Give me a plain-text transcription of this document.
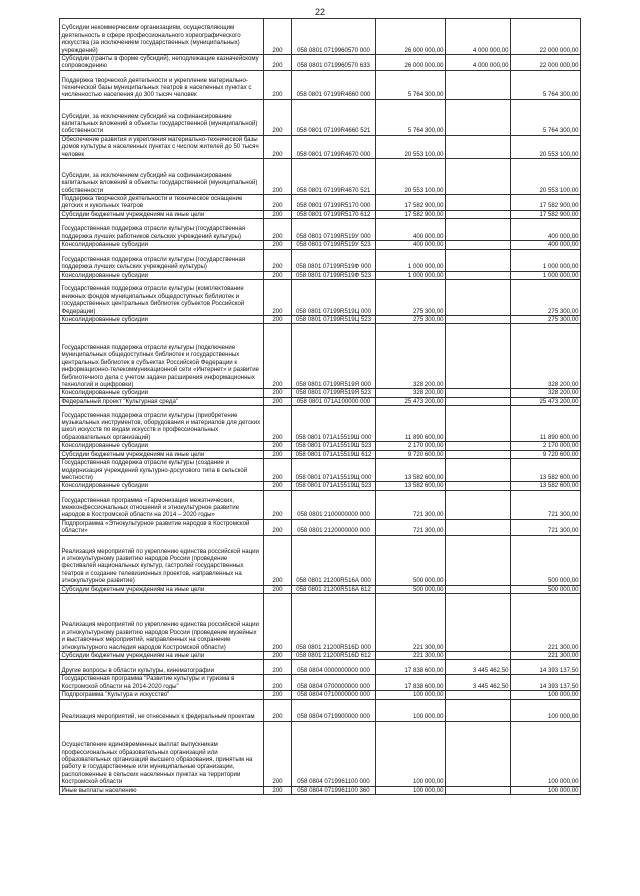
22
Субсидии некоммерческим организациям, осуществляющим деятельность в сфере профессионального хореографического искусства (за исключением государственных (муниципальных) учреждений)	200	058 0801 0719960570 000	26 000 000,00	4 000 000,00	22 000 000,00
Субсидии (гранты в форме субсидий), неподлежащие казначейскому сопровождению	200	058 0801 0719960570 633	26 000 000,00	4 000 000,00	22 000 000,00
Поддержка творческой деятельности и укрепление материально-технической базы муниципальных театров в населенных пунктах с численностью населения до 300 тысяч человек	200	058 0801 07199R4660 000	5 764 300,00		5 764 300,00
Субсидии, за исключением субсидий на софинансирование капитальных вложений в объекты государственной (муниципальной) собственности	200	058 0801 07199R4660 521	5 764 300,00		5 764 300,00
Обеспечение развития и укрепления материально-технической базы домов культуры в населенных пунктах с числом жителей до 50 тысяч человек	200	058 0801 07199R4670 000	20 553 100,00		20 553 100,00
Субсидии, за исключением субсидий на софинансирование капитальных вложений в объекты государственной (муниципальной) собственности	200	058 0801 07199R4670 521	20 553 100,00		20 553 100,00
Поддержка творческой деятельности и техническое оснащение детских и кукольных театров	200	058 0801 07199R5170 000	17 582 900,00		17 582 900,00
Субсидии бюджетным учреждениям на иные цели	200	058 0801 07199R5170 612	17 582 900,00		17 582 900,00
Государственная поддержка отрасли культуры (государственная поддержка лучших работников сельских учреждений культуры)	200	058 0801 07199R519У 000	400 000,00		400 000,00
Консолидированные субсидии	200	058 0801 07199R519У 523	400 000,00		400 000,00
Государственная поддержка отрасли культуры (государственная поддержка лучших сельских учреждений культуры)	200	058 0801 07199R519Ф 000	1 000 000,00		1 000 000,00
Консолидированные субсидии	200	058 0801 07199R519Ф 523	1 000 000,00		1 000 000,00
Государственная поддержка отрасли культуры (комплектование книжных фондов муниципальных общедоступных библиотек и государственных центральных библиотек субъектов Российской Федерации)	200	058 0801 07199R519Ц 000	275 300,00		275 300,00
Консолидированные субсидии	200	058 0801 07199R519Ц 523	275 300,00		275 300,00
Государственная поддержка отрасли культуры (подключение муниципальных общедоступных библиотек и государственных центральных библиотек в субъектах Российской Федерации к информационно-телекоммуникационной сети «Интернет» и развитие библиотечного дела с учетом задачи расширения информационных технологий и оцифровки)	200	058 0801 07199R519Я 000	328 200,00		328 200,00
Консолидированные субсидии	200	058 0801 07199R519Я 523	328 200,00		328 200,00
Федеральный проект "Культурная среда"	200	058 0801 071A100000 000	25 473 200,00		25 473 200,00
Государственная поддержка отрасли культуры (приобретение музыкальных инструментов, оборудования и материалов для детских школ искусств по видам искусств и профессиональных образовательных организаций)	200	058 0801 071A15519Ш 000	11 890 600,00		11 890 600,00
Консолидированные субсидии	200	058 0801 071A15519Ш 523	2 170 000,00		2 170 000,00
Субсидии бюджетным учреждениям на иные цели	200	058 0801 071A15519Ш 612	9 720 600,00		9 720 600,00
Государственная поддержка отрасли культуры (создание и модернизация учреждений культурно-досугового типа в сельской местности)	200	058 0801 071A15519Щ 000	13 582 600,00		13 582 600,00
Консолидированные субсидии	200	058 0801 071A15519Щ 523	13 582 600,00		13 582 600,00
Государственная программа «Гармонизация межэтнических, межконфессиональных отношений и этнокультурное развитие народов в Костромской области на 2014 – 2020 годы»	200	058 0801 2100000000 000	721 300,00		721 300,00
Подпрограмма «Этнокультурное развитие народов в Костромской области»	200	058 0801 2120000000 000	721 300,00		721 300,00
Реализация мероприятий по укреплению единства российской нации и этнокультурному развитию народов России (проведение фестивалей национальных культур, гастролей государственных театров и создание телевизионных проектов, направленных на этнокультурное развитие)	200	058 0801 21200R516А 000	500 000,00		500 000,00
Субсидии бюджетным учреждениям на иные цели	200	058 0801 21200R516А 612	500 000,00		500 000,00
Реализация мероприятий по укреплению единства российской нации и этнокультурному развитию народов России (проведение музейных и выставочных мероприятий, направленных на сохранение этнокультурного наследия народов Костромской области)	200	058 0801 21200R516D 000	221 300,00		221 300,00
Субсидии бюджетным учреждениям на иные цели	200	058 0801 21200R516D 612	221 300,00		221 300,00
Другие вопросы в области культуры, кинематографии	200	058 0804 0000000000 000	17 838 600,00	3 445 462,50	14 393 137,50
Государственная программа "Развитие культуры и туризма в Костромской области на 2014-2020 годы"	200	058 0804 0700000000 000	17 838 600,00	3 445 462,50	14 393 137,50
Подпрограмма "Культура и искусство"	200	058 0804 0710000000 000	100 000,00		100 000,00
Реализация мероприятий, не отнесенных к федеральным проектам	200	058 0804 0719900000 000	100 000,00		100 000,00
Осуществление единовременных выплат выпускникам профессиональных образовательных организаций или образовательных организаций высшего образования, принятым на работу в государственные или муниципальные организации, расположенные в сельских населенных пунктах на территории Костромской области	200	058 0804 0719961100 000	100 000,00		100 000,00
Иные выплаты населению	200	058 0804 0719961100 360	100 000,00		100 000,00
